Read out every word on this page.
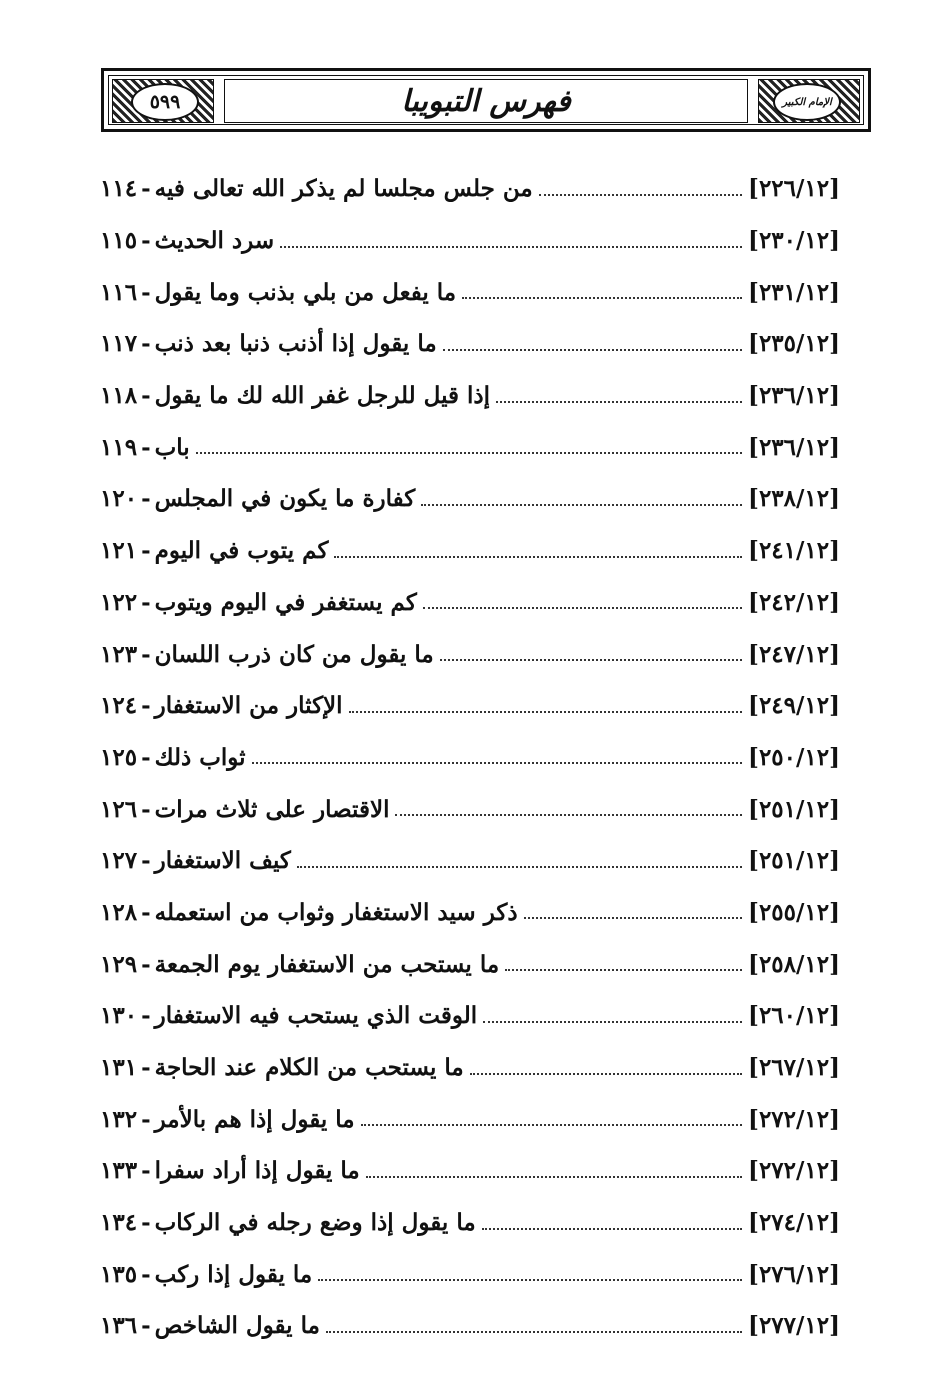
٥٩٩	فهرس التبويبا	الإمام الكبير
١١٤ - من جلس مجلسا لم يذكر الله تعالى فيه	[٢٢٦/١٢]
١١٥ - سرد الحديث	[٢٣٠/١٢]
١١٦ - ما يفعل من بلي بذنب وما يقول	[٢٣١/١٢]
١١٧ - ما يقول إذا أذنب ذنبا بعد ذنب	[٢٣٥/١٢]
١١٨ - إذا قيل للرجل غفر الله لك ما يقول	[٢٣٦/١٢]
١١٩ - باب	[٢٣٦/١٢]
١٢٠ - كفارة ما يكون في المجلس	[٢٣٨/١٢]
١٢١ - كم يتوب في اليوم	[٢٤١/١٢]
١٢٢ - كم يستغفر في اليوم ويتوب	[٢٤٢/١٢]
١٢٣ - ما يقول من كان ذرب اللسان	[٢٤٧/١٢]
١٢٤ - الإكثار من الاستغفار	[٢٤٩/١٢]
١٢٥ - ثواب ذلك	[٢٥٠/١٢]
١٢٦ - الاقتصار على ثلاث مرات	[٢٥١/١٢]
١٢٧ - كيف الاستغفار	[٢٥١/١٢]
١٢٨ - ذكر سيد الاستغفار وثواب من استعمله	[٢٥٥/١٢]
١٢٩ - ما يستحب من الاستغفار يوم الجمعة	[٢٥٨/١٢]
١٣٠ - الوقت الذي يستحب فيه الاستغفار	[٢٦٠/١٢]
١٣١ - ما يستحب من الكلام عند الحاجة	[٢٦٧/١٢]
١٣٢ - ما يقول إذا هم بالأمر	[٢٧٢/١٢]
١٣٣ - ما يقول إذا أراد سفرا	[٢٧٢/١٢]
١٣٤ - ما يقول إذا وضع رجله في الركاب	[٢٧٤/١٢]
١٣٥ - ما يقول إذا ركب	[٢٧٦/١٢]
١٣٦ - ما يقول الشاخص	[٢٧٧/١٢]
